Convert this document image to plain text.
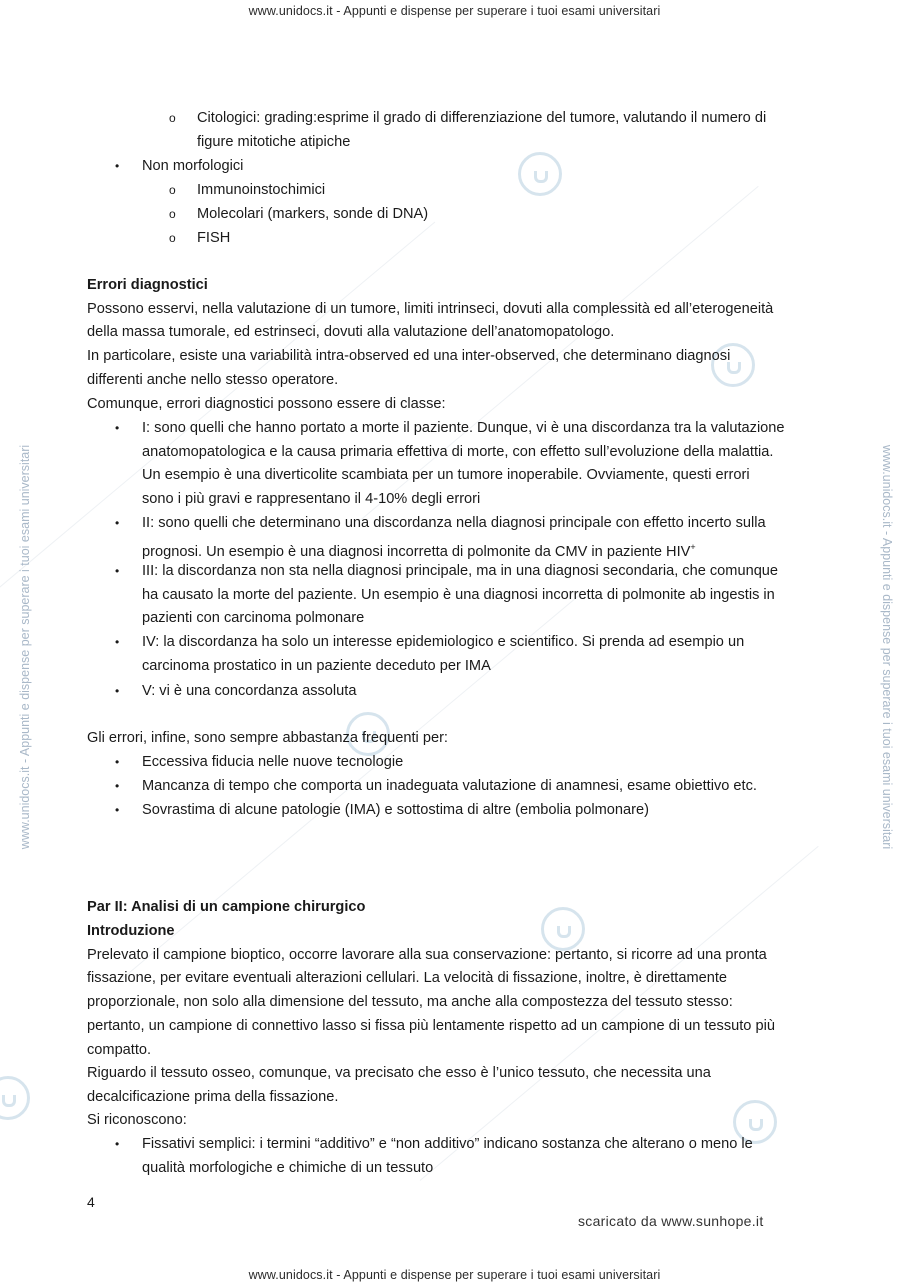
www.unidocs.it - Appunti e dispense per superare i tuoi esami universitari
www.unidocs.it - Appunti e dispense per superare i tuoi esami universitari
www.unidocs.it - Appunti e dispense per superare i tuoi esami universitari	www.unidocs.it - Appunti e dispense per superare i tuoi esami universitari
o Citologici: grading:esprime il grado di differenziazione del tumore, valutando il numero di
figure mitotiche atipiche
• Non morfologici
o Immunoinstochimici
o Molecolari (markers, sonde di DNA)
o FISH
Errori diagnostici
Possono esservi, nella valutazione di un tumore, limiti intrinseci, dovuti alla complessità ed all’eterogeneità
della massa tumorale, ed estrinseci, dovuti alla valutazione dell’anatomopatologo.
In particolare, esiste una variabilità intra-observed ed una inter-observed, che determinano diagnosi
differenti anche nello stesso operatore.
Comunque, errori diagnostici possono essere di classe:
• I: sono quelli che hanno portato a morte il paziente. Dunque, vi è una discordanza tra la valutazione
anatomopatologica e la causa primaria effettiva di morte, con effetto sull’evoluzione della malattia.
Un esempio è una diverticolite scambiata per un tumore inoperabile. Ovviamente, questi errori
sono i più gravi e rappresentano il 4-10% degli errori
• II: sono quelli che determinano una discordanza nella diagnosi principale con effetto incerto sulla
prognosi. Un esempio è una diagnosi incorretta di polmonite da CMV in paziente HIV+
• III: la discordanza non sta nella diagnosi principale, ma in una diagnosi secondaria, che comunque
ha causato la morte del paziente. Un esempio è una diagnosi incorretta di polmonite ab ingestis in
pazienti con carcinoma polmonare
• IV: la discordanza ha solo un interesse epidemiologico e scientifico. Si prenda ad esempio un
carcinoma prostatico in un paziente deceduto per IMA
• V: vi è una concordanza assoluta
Gli errori, infine, sono sempre abbastanza frequenti per:
• Eccessiva fiducia nelle nuove tecnologie
• Mancanza di tempo che comporta un inadeguata valutazione di anamnesi, esame obiettivo etc.
• Sovrastima di alcune patologie (IMA) e sottostima di altre (embolia polmonare)
Par II: Analisi di un campione chirurgico
Introduzione
Prelevato il campione bioptico, occorre lavorare alla sua conservazione: pertanto, si ricorre ad una pronta
fissazione, per evitare eventuali alterazioni cellulari. La velocità di fissazione, inoltre, è direttamente
proporzionale, non solo alla dimensione del tessuto, ma anche alla compostezza del tessuto stesso:
pertanto, un campione di connettivo lasso si fissa più lentamente rispetto ad un campione di un tessuto più
compatto.
Riguardo il tessuto osseo, comunque, va precisato che esso è l’unico tessuto, che necessita una
decalcificazione prima della fissazione.
Si riconoscono:
• Fissativi semplici: i termini “additivo” e “non additivo” indicano sostanza che alterano o meno le
qualità morfologiche e chimiche di un tessuto
4
scaricato da www.sunhope.it
